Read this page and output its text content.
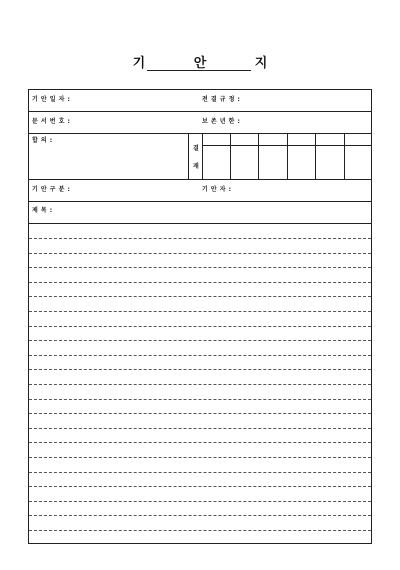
기 안 지
기 안 일 자 :	전 결 규 정 :
문 서 번 호 :	보 존 년 한 :
합 의 :
결
재
기 안 구 분 :	기 안 자 :
제 목 :
